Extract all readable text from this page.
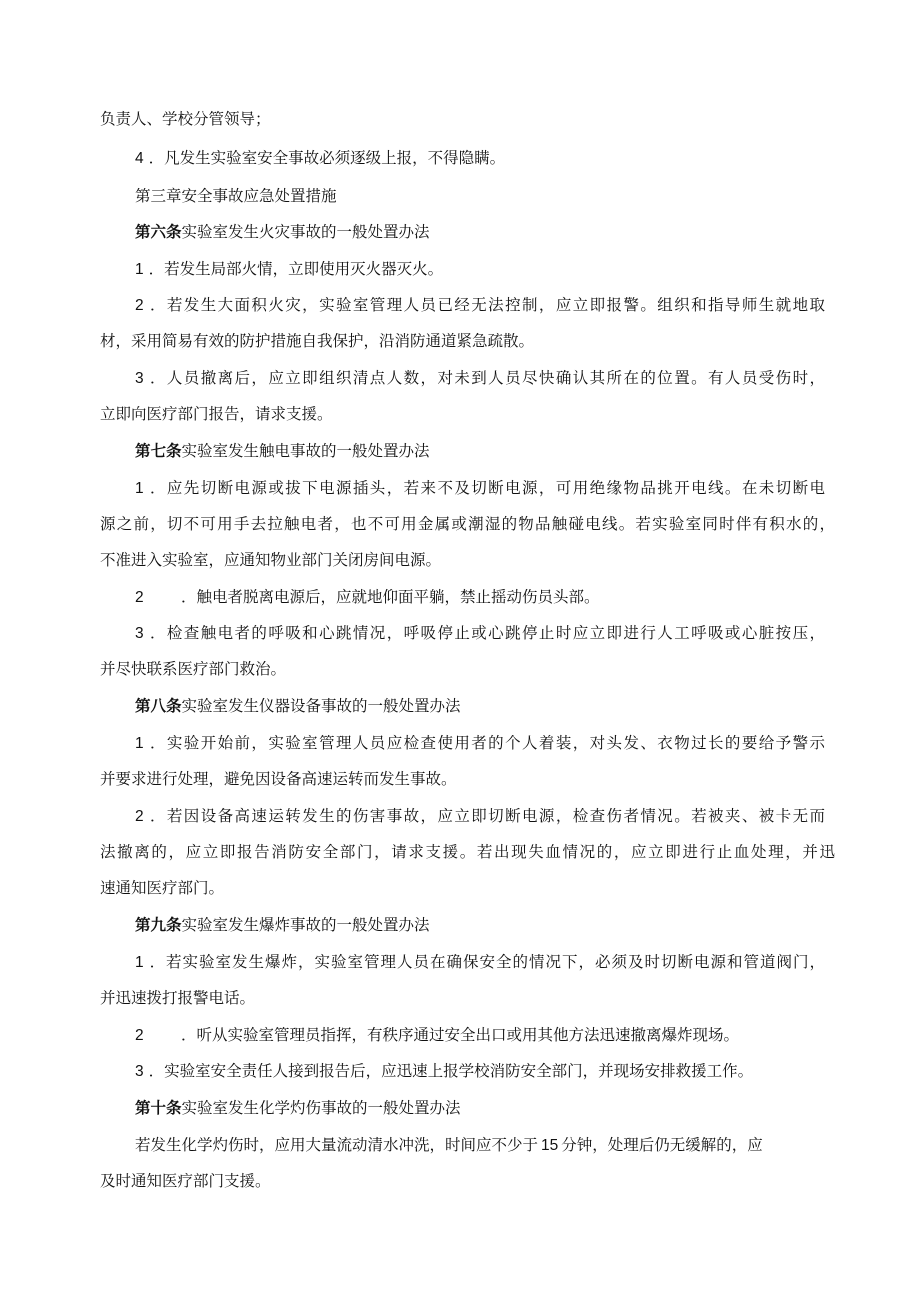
负责人、学校分管领导；
4 ．凡发生实验室安全事故必须逐级上报，不得隐瞒。
第三章安全事故应急处置措施
第六条实验室发生火灾事故的一般处置办法
1 ．若发生局部火情，立即使用灭火器灭火。
2 ．若发生大面积火灾，实验室管理人员已经无法控制，应立即报警。组织和指导师生就地取
材，采用简易有效的防护措施自我保护，沿消防通道紧急疏散。
3 ．人员撤离后，应立即组织清点人数，对未到人员尽快确认其所在的位置。有人员受伤时，
立即向医疗部门报告，请求支援。
第七条实验室发生触电事故的一般处置办法
1 ．应先切断电源或拔下电源插头，若来不及切断电源，可用绝缘物品挑开电线。在未切断电
源之前，切不可用手去拉触电者，也不可用金属或潮湿的物品触碰电线。若实验室同时伴有积水的，
不准进入实验室，应通知物业部门关闭房间电源。
2 ．触电者脱离电源后，应就地仰面平躺，禁止摇动伤员头部。
3 ．检查触电者的呼吸和心跳情况，呼吸停止或心跳停止时应立即进行人工呼吸或心脏按压，
并尽快联系医疗部门救治。
第八条实验室发生仪器设备事故的一般处置办法
1 ．实验开始前，实验室管理人员应检查使用者的个人着装，对头发、衣物过长的要给予警示
并要求进行处理，避免因设备高速运转而发生事故。
2 ．若因设备高速运转发生的伤害事故，应立即切断电源，检查伤者情况。若被夹、被卡无而
法撤离的，应立即报告消防安全部门，请求支援。若出现失血情况的，应立即进行止血处理，并迅
速通知医疗部门。
第九条实验室发生爆炸事故的一般处置办法
1 ．若实验室发生爆炸，实验室管理人员在确保安全的情况下，必须及时切断电源和管道阀门，
并迅速拨打报警电话。
2 ．听从实验室管理员指挥，有秩序通过安全出口或用其他方法迅速撤离爆炸现场。
3 ．实验室安全责任人接到报告后，应迅速上报学校消防安全部门，并现场安排救援工作。
第十条实验室发生化学灼伤事故的一般处置办法
若发生化学灼伤时，应用大量流动清水冲洗，时间应不少于 15 分钟，处理后仍无缓解的，应
及时通知医疗部门支援。
